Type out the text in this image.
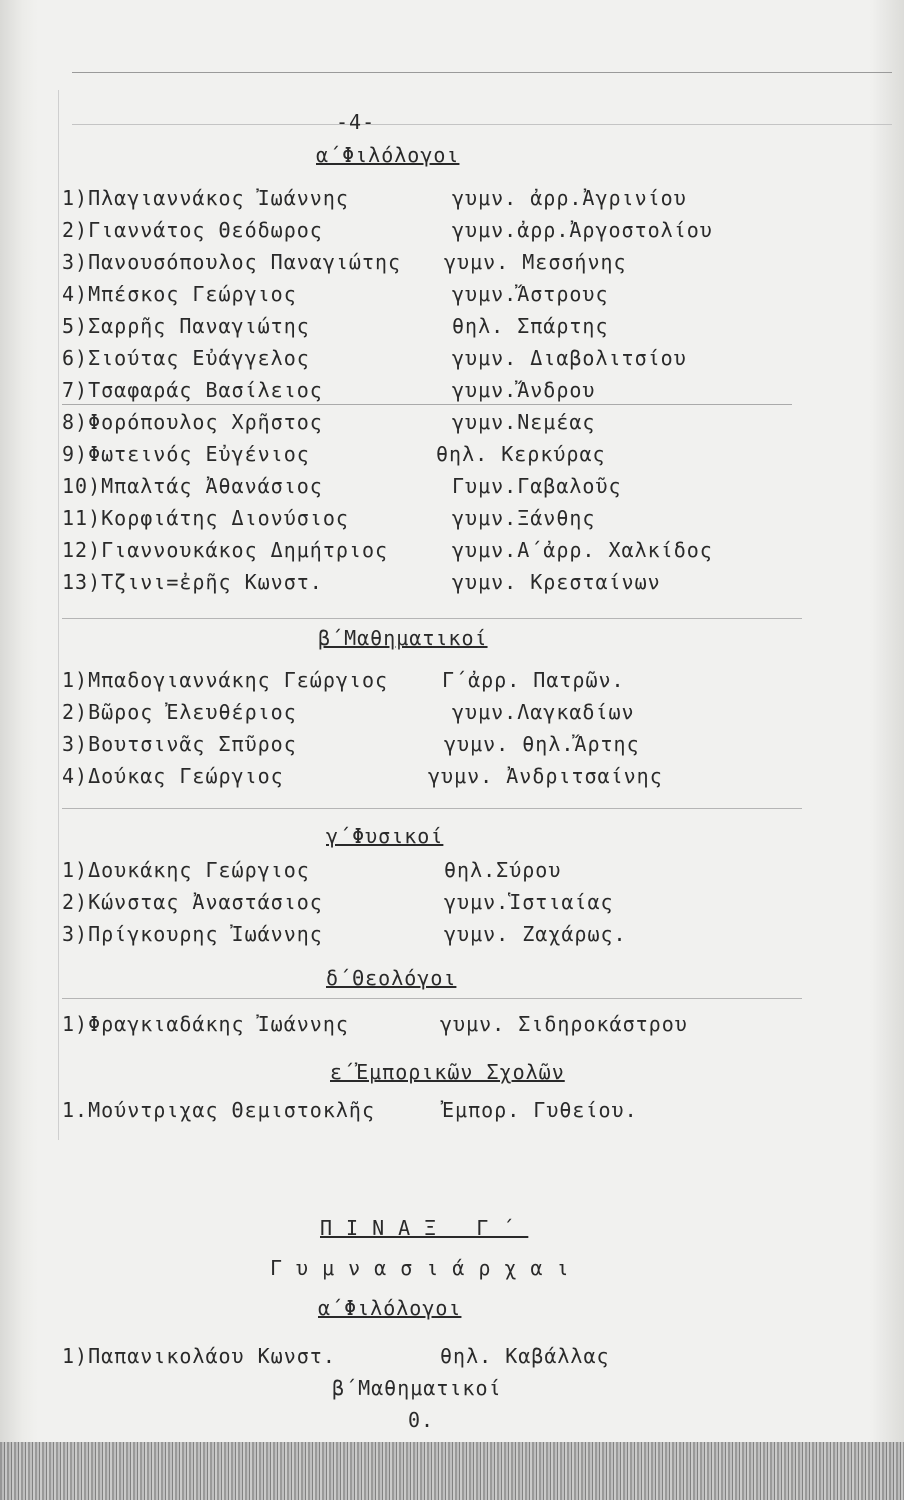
-4-
α΄Φιλόλογοι
1)Πλαγιαννάκος Ἰωάννης	γυμν. ἀρρ.Ἀγρινίου
2)Γιαννάτος Θεόδωρος	γυμν.ἀρρ.Ἀργοστολίου
3)Πανουσόπουλος Παναγιώτης γυμν. Μεσσήνης
4)Μπέσκος Γεώργιος	γυμν.Ἄστρους
5)Σαρρῆς Παναγιώτης	θηλ. Σπάρτης
6)Σιούτας Εὐάγγελος	γυμν. Διαβολιτσίου
7)Τσαφαράς Βασίλειος	γυμν.Ἄνδρου
8)Φορόπουλος Χρῆστος	γυμν.Νεμέας
9)Φωτεινός Εὐγένιος	θηλ. Κερκύρας
10)Μπαλτάς Ἀθανάσιος	Γυμν.Γαβαλοῦς
11)Κορφιάτης Διονύσιος	γυμν.Ξάνθης
12)Γιαννουκάκος Δημήτριος	γυμν.Α΄ἀρρ. Χαλκίδος
13)Τζινι=ἐρῆς Κωνστ.	γυμν. Κρεσταίνων
β΄Μαθηματικοί
1)Μπαδογιαννάκης Γεώργιος	Γ΄ἀρρ. Πατρῶν.
2)Βῶρος Ἐλευθέριος	γυμν.Λαγκαδίων
3)Βουτσινᾶς Σπῦρος	γυμν. θηλ.Ἄρτης
4)Δούκας Γεώργιος	γυμν. Ἀνδριτσαίνης
γ΄Φυσικοί
1)Δουκάκης Γεώργιος	θηλ.Σύρου
2)Κώνστας Ἀναστάσιος	γυμν.Ἱστιαίας
3)Πρίγκουρης Ἰωάννης	γυμν. Ζαχάρως.
δ΄Θεολόγοι
1)Φραγκιαδάκης Ἰωάννης	γυμν. Σιδηροκάστρου
ε΄Ἐμπορικῶν Σχολῶν
1.Μούντριχας Θεμιστοκλῆς	Ἐμπορ. Γυθείου.
ΠΙΝΑΞ Γ΄
Γυμνασιάρχαι
α΄Φιλόλογοι
1)Παπανικολάου Κωνστ.	θηλ. Καβάλλας
β΄Μαθηματικοί
0.
